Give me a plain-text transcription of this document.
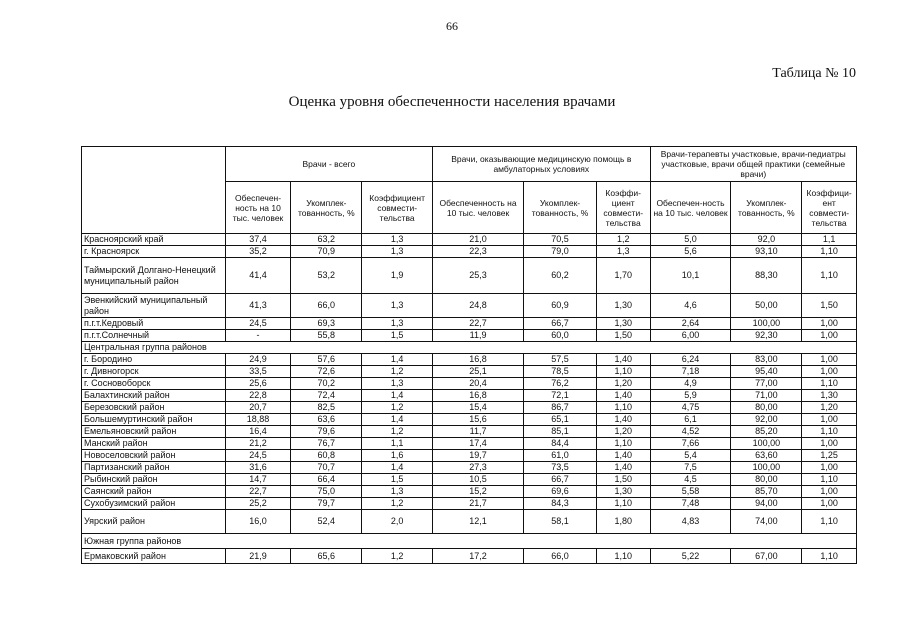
66
Таблица № 10
Оценка уровня обеспеченности населения врачами
	Врачи - всего			Врачи, оказывающие медицинскую помощь в амбулаторных условиях			Врачи-терапевты участковые, врачи-педиатры участковые, врачи общей практики (семейные врачи)		
	Обеспечен-ность на 10 тыс. человек	Укомплек-тованность, %	Коэффициент совмести-тельства	Обеспеченность на 10 тыс. человек	Укомплек-тованность, %	Коэффи-циент совмести-тельства	Обеспечен-ность на 10 тыс. человек	Укомплек-тованность, %	Коэффици-ент совмести-тельства
Красноярский край	37,4	63,2	1,3	21,0	70,5	1,2	5,0	92,0	1,1
г. Красноярск	35,2	70,9	1,3	22,3	79,0	1,3	5,6	93,10	1,10
Таймырский Долгано-Ненецкий муниципальный район	41,4	53,2	1,9	25,3	60,2	1,70	10,1	88,30	1,10
Эвенкийский муниципальный район	41,3	66,0	1,3	24,8	60,9	1,30	4,6	50,00	1,50
п.г.т.Кедровый	24,5	69,3	1,3	22,7	66,7	1,30	2,64	100,00	1,00
п.г.т.Солнечный	-	55,8	1,5	11,9	60,0	1,50	6,00	92,30	1,00
Центральная группа районов									
г. Бородино	24,9	57,6	1,4	16,8	57,5	1,40	6,24	83,00	1,00
г. Дивногорск	33,5	72,6	1,2	25,1	78,5	1,10	7,18	95,40	1,00
г. Сосновоборск	25,6	70,2	1,3	20,4	76,2	1,20	4,9	77,00	1,10
Балахтинский район	22,8	72,4	1,4	16,8	72,1	1,40	5,9	71,00	1,30
Березовский район	20,7	82,5	1,2	15,4	86,7	1,10	4,75	80,00	1,20
Большемуртинский район	18,88	63,6	1,4	15,6	65,1	1,40	6,1	92,00	1,00
Емельяновский район	16,4	79,6	1,2	11,7	85,1	1,20	4,52	85,20	1,10
Манский район	21,2	76,7	1,1	17,4	84,4	1,10	7,66	100,00	1,00
Новоселовский район	24,5	60,8	1,6	19,7	61,0	1,40	5,4	63,60	1,25
Партизанский район	31,6	70,7	1,4	27,3	73,5	1,40	7,5	100,00	1,00
Рыбинский район	14,7	66,4	1,5	10,5	66,7	1,50	4,5	80,00	1,10
Саянский район	22,7	75,0	1,3	15,2	69,6	1,30	5,58	85,70	1,00
Сухобузимский район	25,2	79,7	1,2	21,7	84,3	1,10	7,48	94,00	1,00
Уярский район	16,0	52,4	2,0	12,1	58,1	1,80	4,83	74,00	1,10
Южная группа районов									
Ермаковский район	21,9	65,6	1,2	17,2	66,0	1,10	5,22	67,00	1,10
